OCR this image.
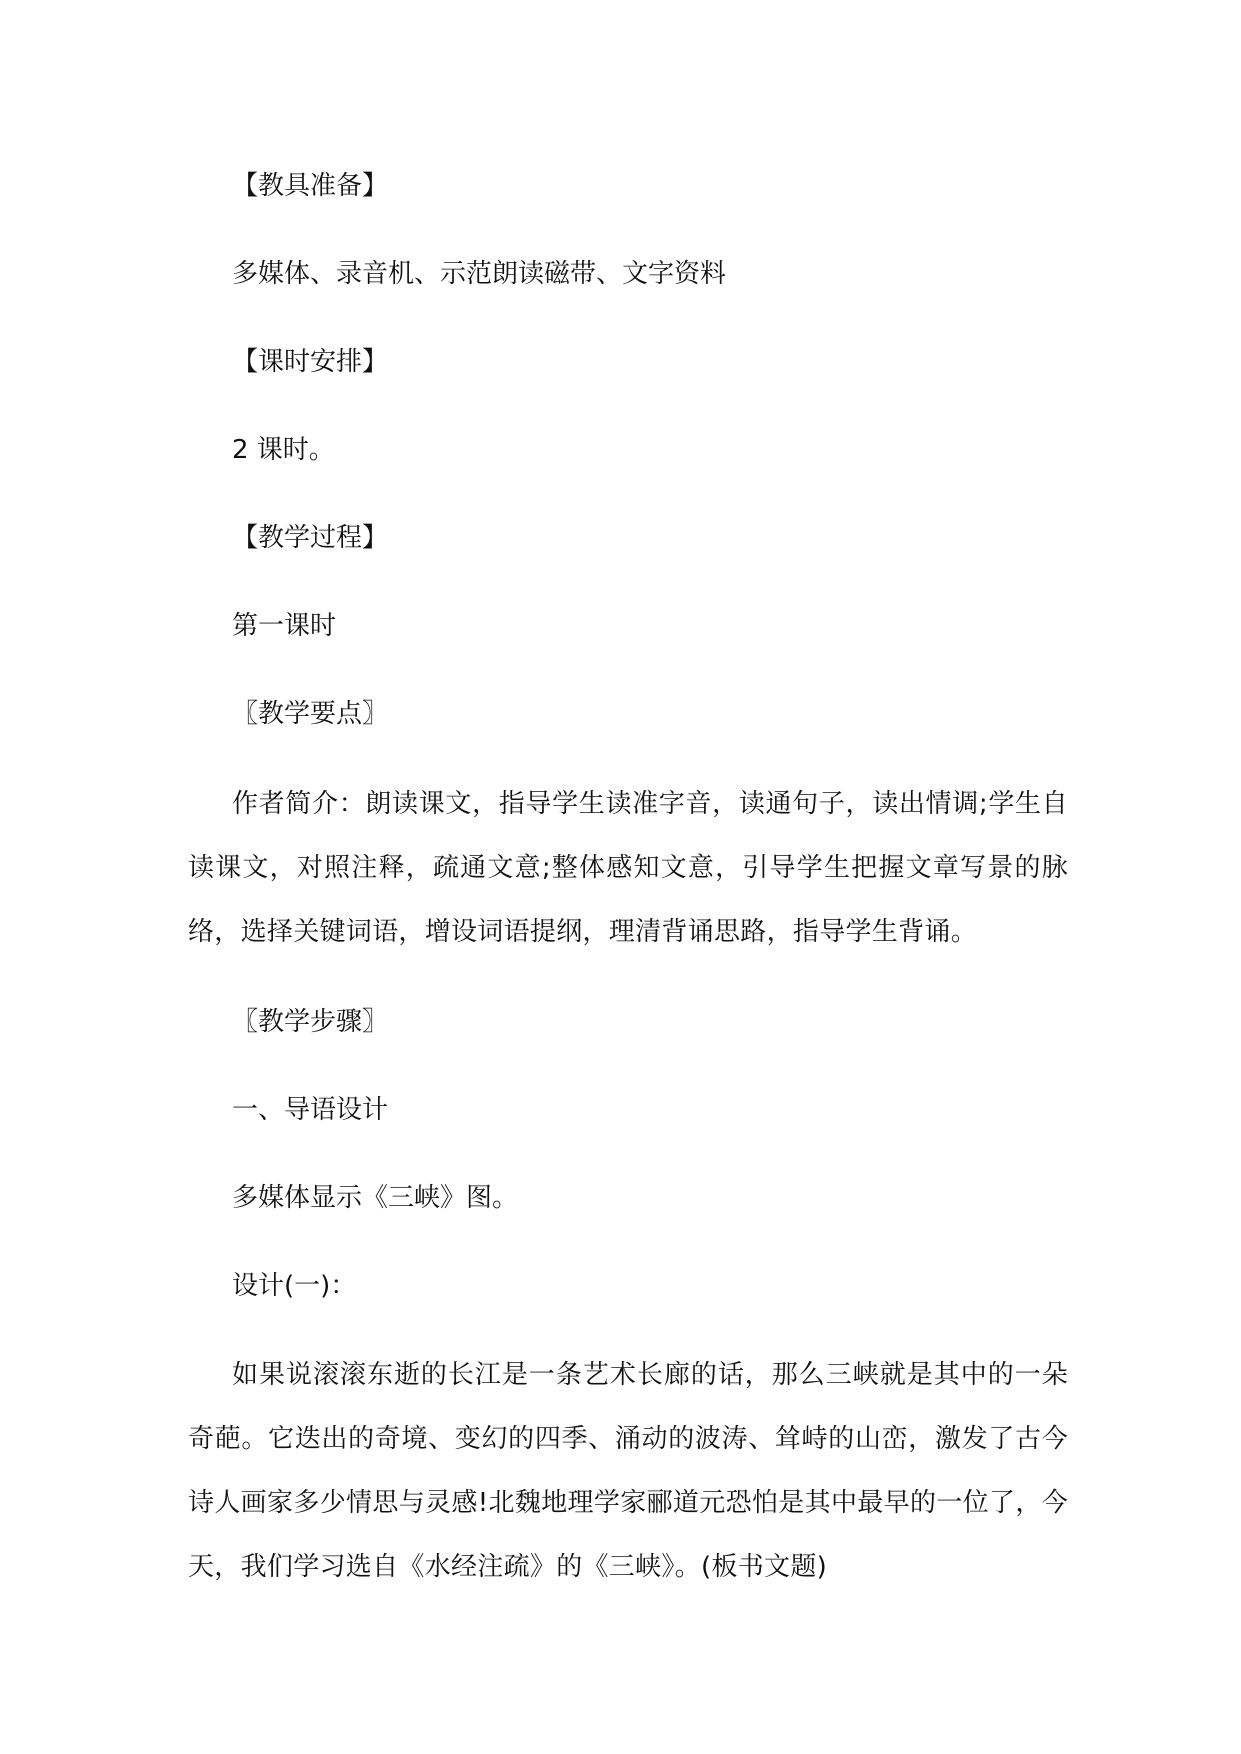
【教具准备】
多媒体、录音机、示范朗读磁带、文字资料
【课时安排】
2 课时。
【教学过程】
第一课时
〖教学要点〗
作者简介：朗读课文，指导学生读准字音，读通句子，读出情调;学生自读课文，对照注释，疏通文意;整体感知文意，引导学生把握文章写景的脉络，选择关键词语，增设词语提纲，理清背诵思路，指导学生背诵。
〖教学步骤〗
一、导语设计
多媒体显示《三峡》图。
设计(一)：
如果说滚滚东逝的长江是一条艺术长廊的话，那么三峡就是其中的一朵奇葩。它迭出的奇境、变幻的四季、涌动的波涛、耸峙的山峦，激发了古今诗人画家多少情思与灵感!北魏地理学家郦道元恐怕是其中最早的一位了，今天，我们学习选自《水经注疏》的《三峡》。(板书文题)
